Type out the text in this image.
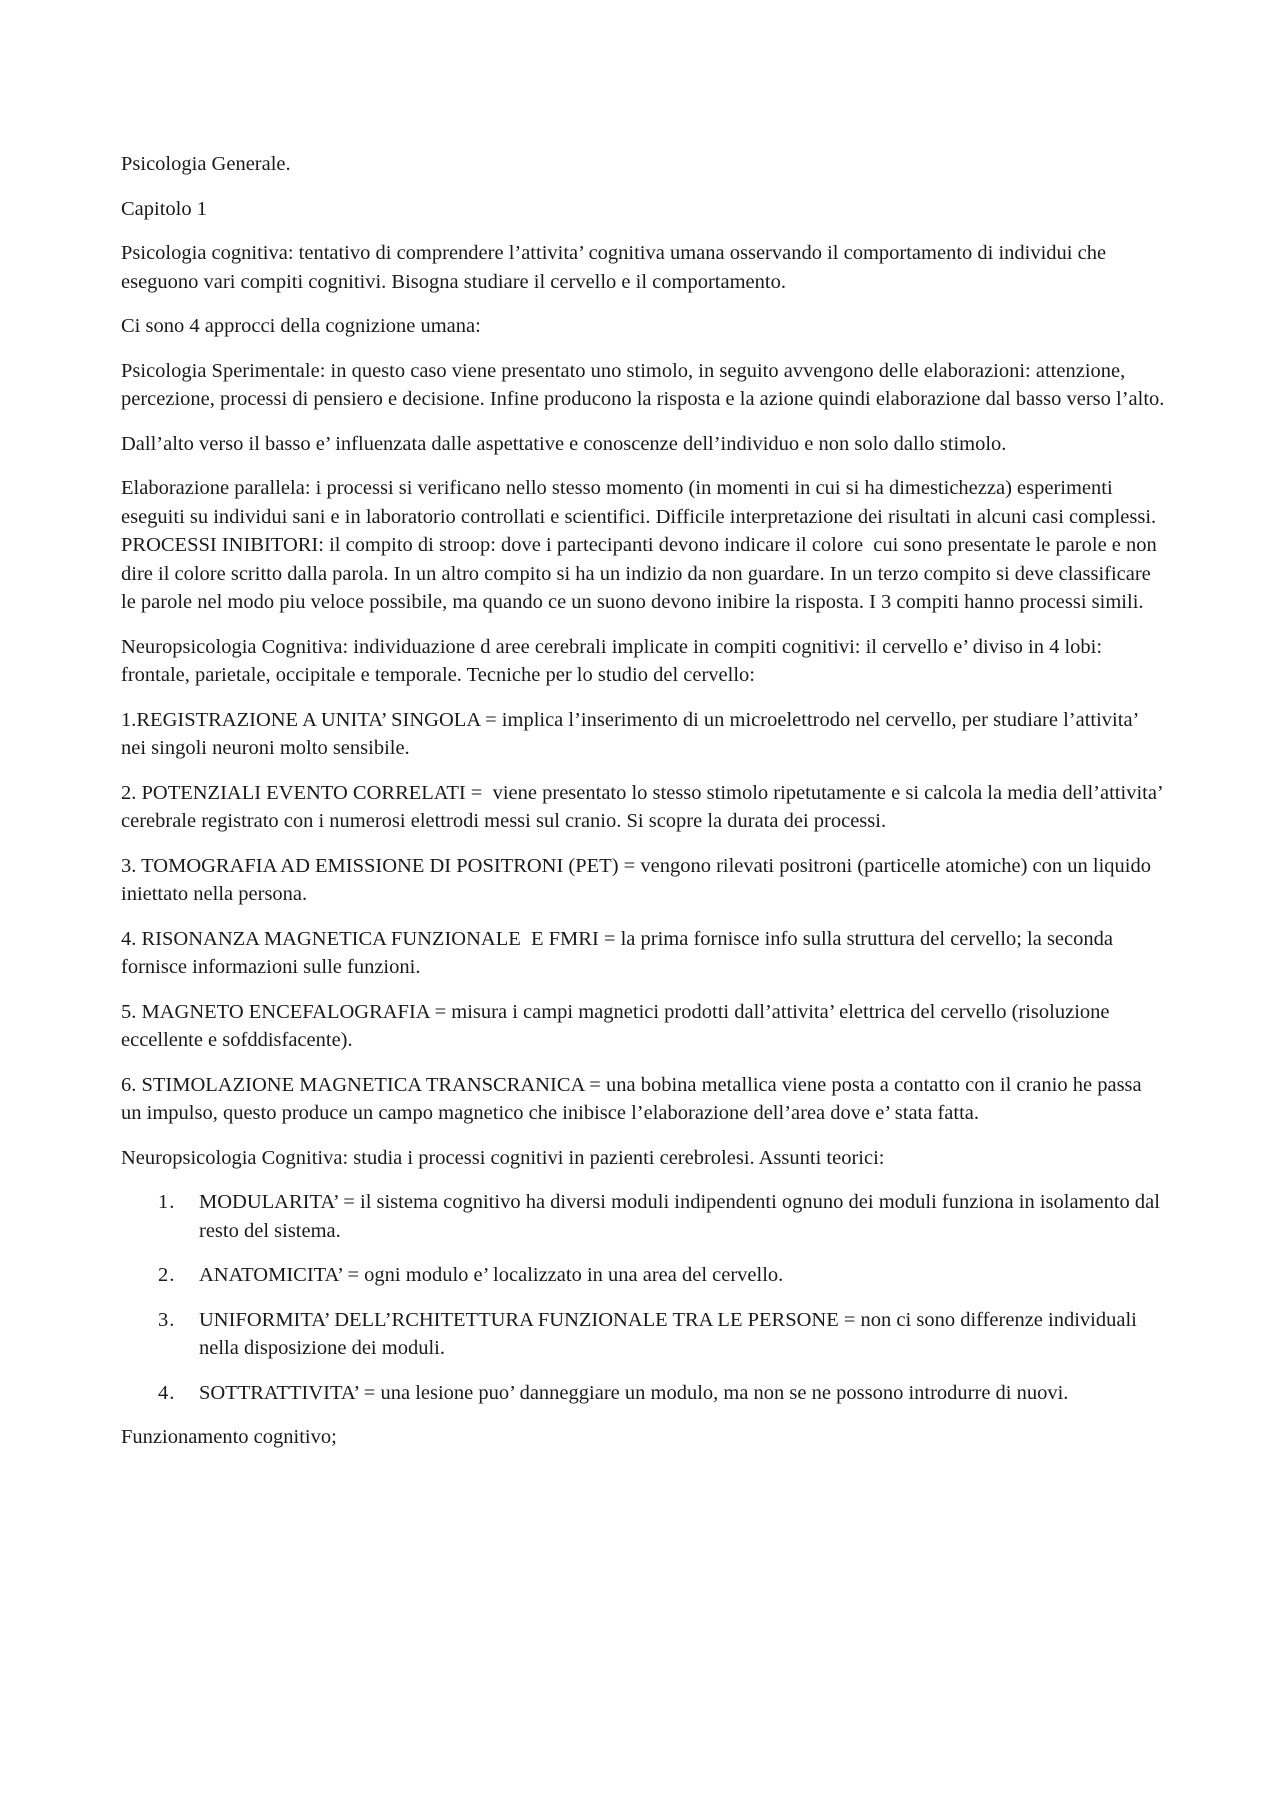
Psicologia Generale.

Capitolo 1

Psicologia cognitiva: tentativo di comprendere l’attivita’ cognitiva umana osservando il comportamento di individui che eseguono vari compiti cognitivi. Bisogna studiare il cervello e il comportamento.

Ci sono 4 approcci della cognizione umana:

Psicologia Sperimentale: in questo caso viene presentato uno stimolo, in seguito avvengono delle elaborazioni: attenzione, percezione, processi di pensiero e decisione. Infine producono la risposta e la azione quindi elaborazione dal basso verso l’alto.

Dall’alto verso il basso e’ influenzata dalle aspettative e conoscenze dell’individuo e non solo dallo stimolo.

Elaborazione parallela: i processi si verificano nello stesso momento (in momenti in cui si ha dimestichezza) esperimenti eseguiti su individui sani e in laboratorio controllati e scientifici. Difficile interpretazione dei risultati in alcuni casi complessi. PROCESSI INIBITORI: il compito di stroop: dove i partecipanti devono indicare il colore  cui sono presentate le parole e non dire il colore scritto dalla parola. In un altro compito si ha un indizio da non guardare. In un terzo compito si deve classificare  le parole nel modo piu veloce possibile, ma quando ce un suono devono inibire la risposta. I 3 compiti hanno processi simili.

Neuropsicologia Cognitiva: individuazione d aree cerebrali implicate in compiti cognitivi: il cervello e’ diviso in 4 lobi: frontale, parietale, occipitale e temporale. Tecniche per lo studio del cervello:

1.REGISTRAZIONE A UNITA’ SINGOLA = implica l’inserimento di un microelettrodo nel cervello, per studiare l’attivita’ nei singoli neuroni molto sensibile.

2. POTENZIALI EVENTO CORRELATI =  viene presentato lo stesso stimolo ripetutamente e si calcola la media dell’attivita’ cerebrale registrato con i numerosi elettrodi messi sul cranio. Si scopre la durata dei processi.

3. TOMOGRAFIA AD EMISSIONE DI POSITRONI (PET) = vengono rilevati positroni (particelle atomiche) con un liquido iniettato nella persona.

4. RISONANZA MAGNETICA FUNZIONALE  E FMRI = la prima fornisce info sulla struttura del cervello; la seconda fornisce informazioni sulle funzioni.

5. MAGNETO ENCEFALOGRAFIA = misura i campi magnetici prodotti dall’attivita’ elettrica del cervello (risoluzione eccellente e sofddisfacente).

6. STIMOLAZIONE MAGNETICA TRANSCRANICA = una bobina metallica viene posta a contatto con il cranio he passa un impulso, questo produce un campo magnetico che inibisce l’elaborazione dell’area dove e’ stata fatta.

Neuropsicologia Cognitiva: studia i processi cognitivi in pazienti cerebrolesi. Assunti teorici:

1. MODULARITA’ = il sistema cognitivo ha diversi moduli indipendenti ognuno dei moduli funziona in isolamento dal resto del sistema.
2. ANATOMICITA’ = ogni modulo e’ localizzato in una area del cervello.
3. UNIFORMITA’ DELL’RCHITETTURA FUNZIONALE TRA LE PERSONE = non ci sono differenze individuali nella disposizione dei moduli.
4. SOTTRATTIVITA’ = una lesione puo’ danneggiare un modulo, ma non se ne possono introdurre di nuovi.

Funzionamento cognitivo;
